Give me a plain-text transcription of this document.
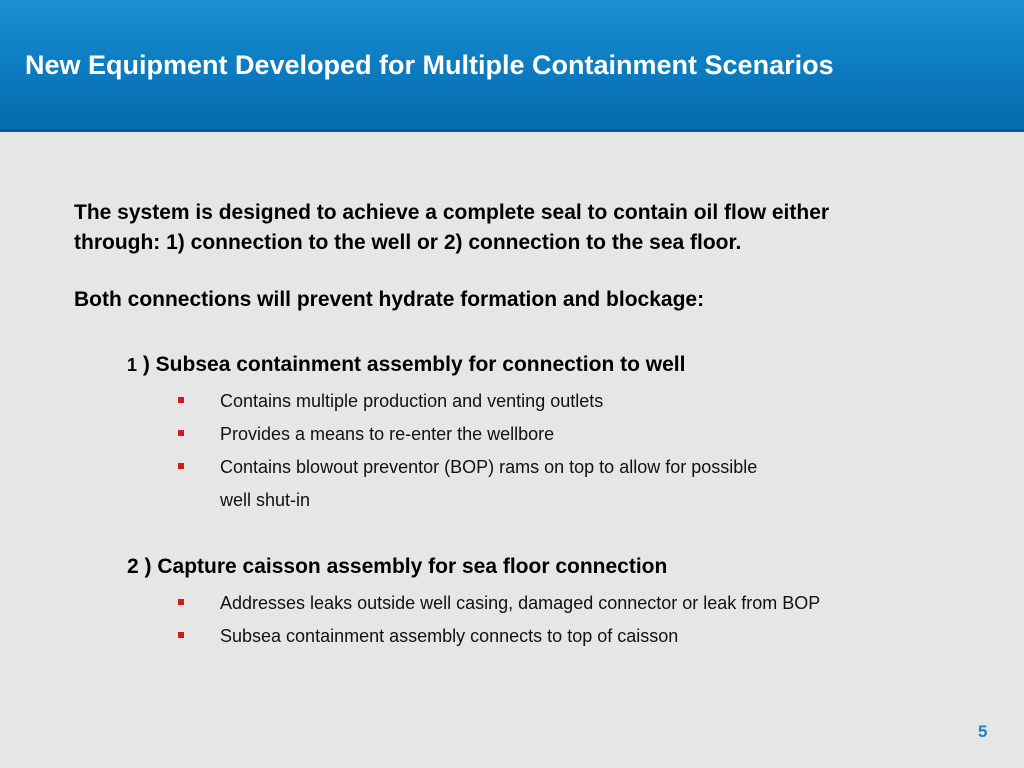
New Equipment Developed for Multiple Containment Scenarios

The system is designed to achieve a complete seal to contain oil flow either
through: 1) connection to the well or 2) connection to the sea floor.

Both connections will prevent hydrate formation and blockage:

1 ) Subsea containment assembly for connection to well
Contains multiple production and venting outlets
Provides a means to re-enter the wellbore
Contains blowout preventor (BOP) rams on top to allow for possible
well shut-in
2 ) Capture caisson assembly for sea floor connection
Addresses leaks outside well casing, damaged connector or leak from BOP
Subsea containment assembly connects to top of caisson
5
